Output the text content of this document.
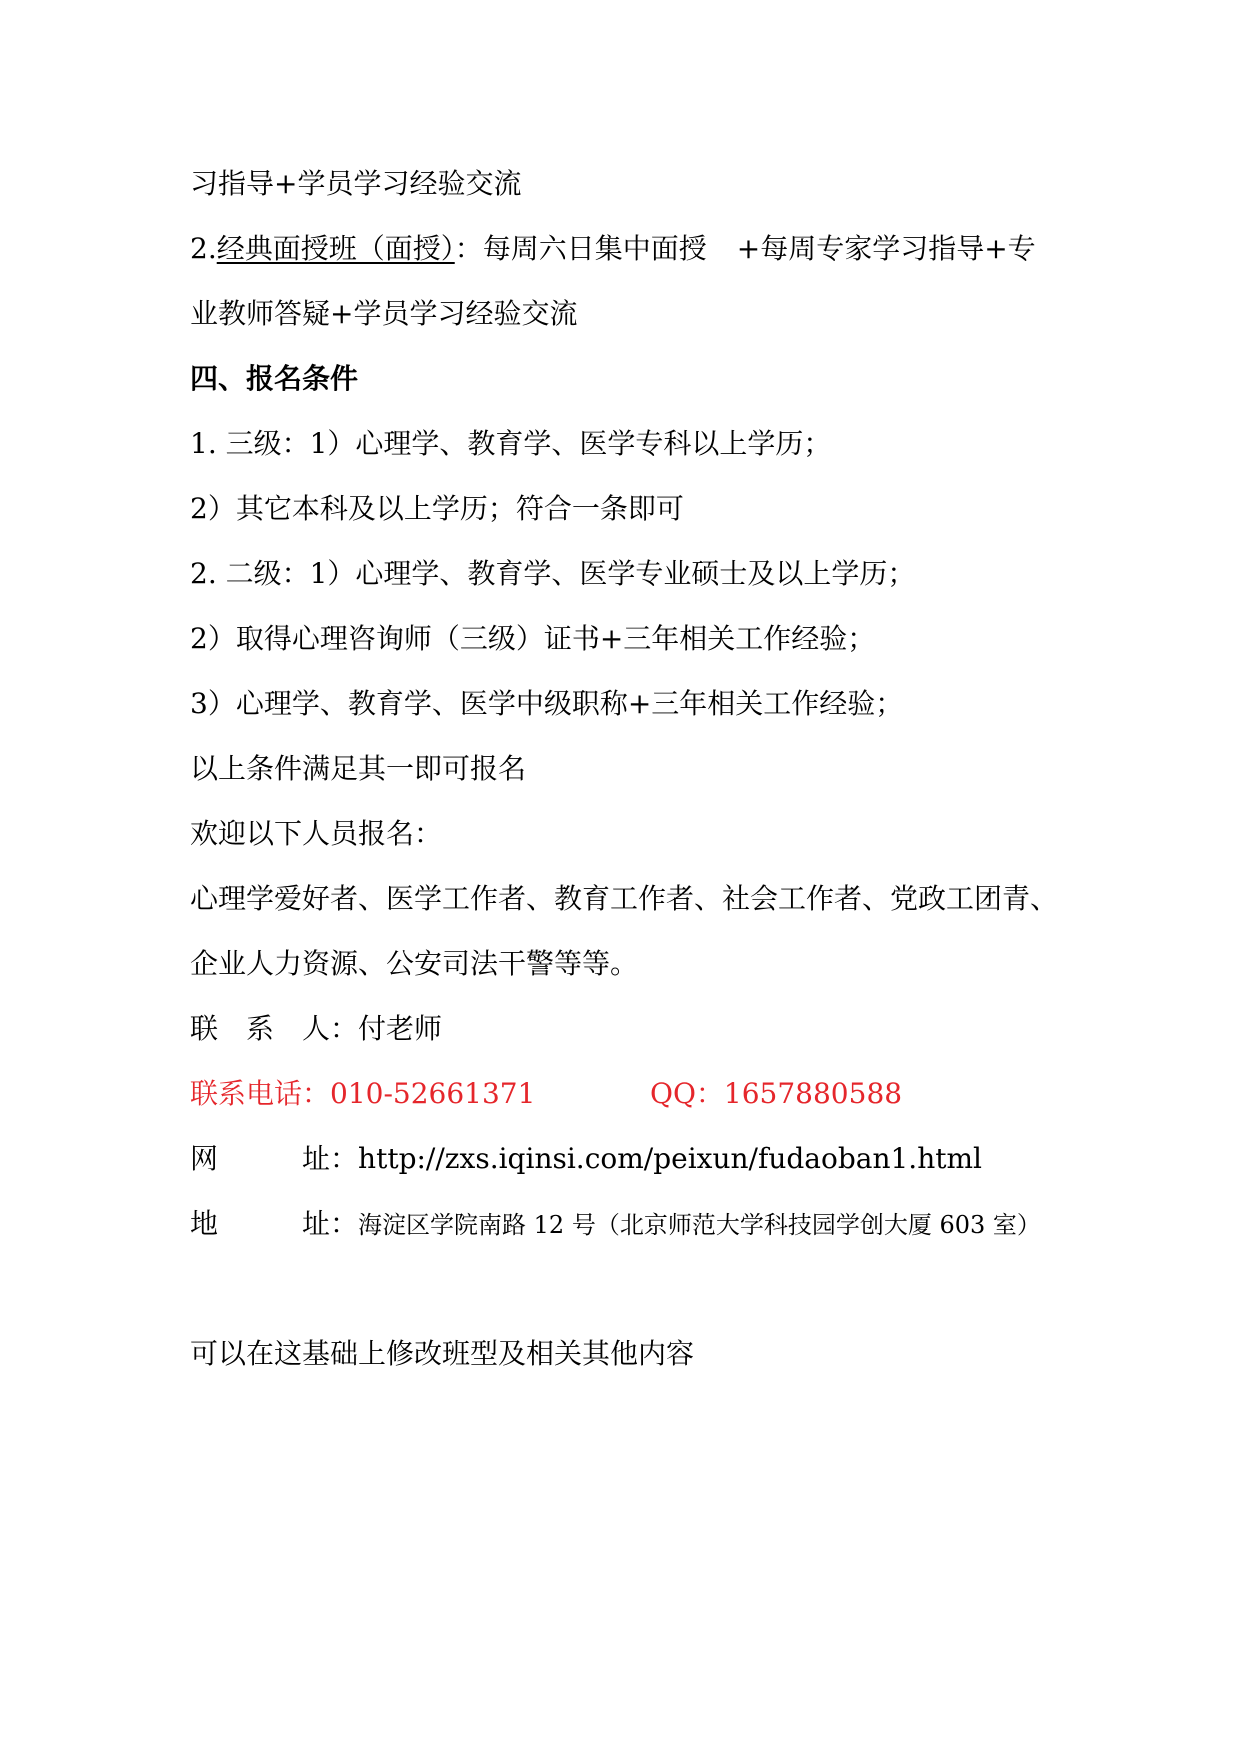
习指导+学员学习经验交流
2.经典面授班（面授）：每周六日集中面授 +每周专家学习指导+专
业教师答疑+学员学习经验交流
四、报名条件
1. 三级：1）心理学、教育学、医学专科以上学历；
2）其它本科及以上学历；符合一条即可
2. 二级：1）心理学、教育学、医学专业硕士及以上学历；
2）取得心理咨询师（三级）证书+三年相关工作经验；
3）心理学、教育学、医学中级职称+三年相关工作经验；
以上条件满足其一即可报名
欢迎以下人员报名：
心理学爱好者、医学工作者、教育工作者、社会工作者、党政工团青、
企业人力资源、公安司法干警等等。
联 系 人：付老师
联系电话：010-52661371	QQ：1657880588
网	址：http://zxs.iqinsi.com/peixun/fudaoban1.html
地	址：海淀区学院南路 12 号（北京师范大学科技园学创大厦 603 室）
可以在这基础上修改班型及相关其他内容
